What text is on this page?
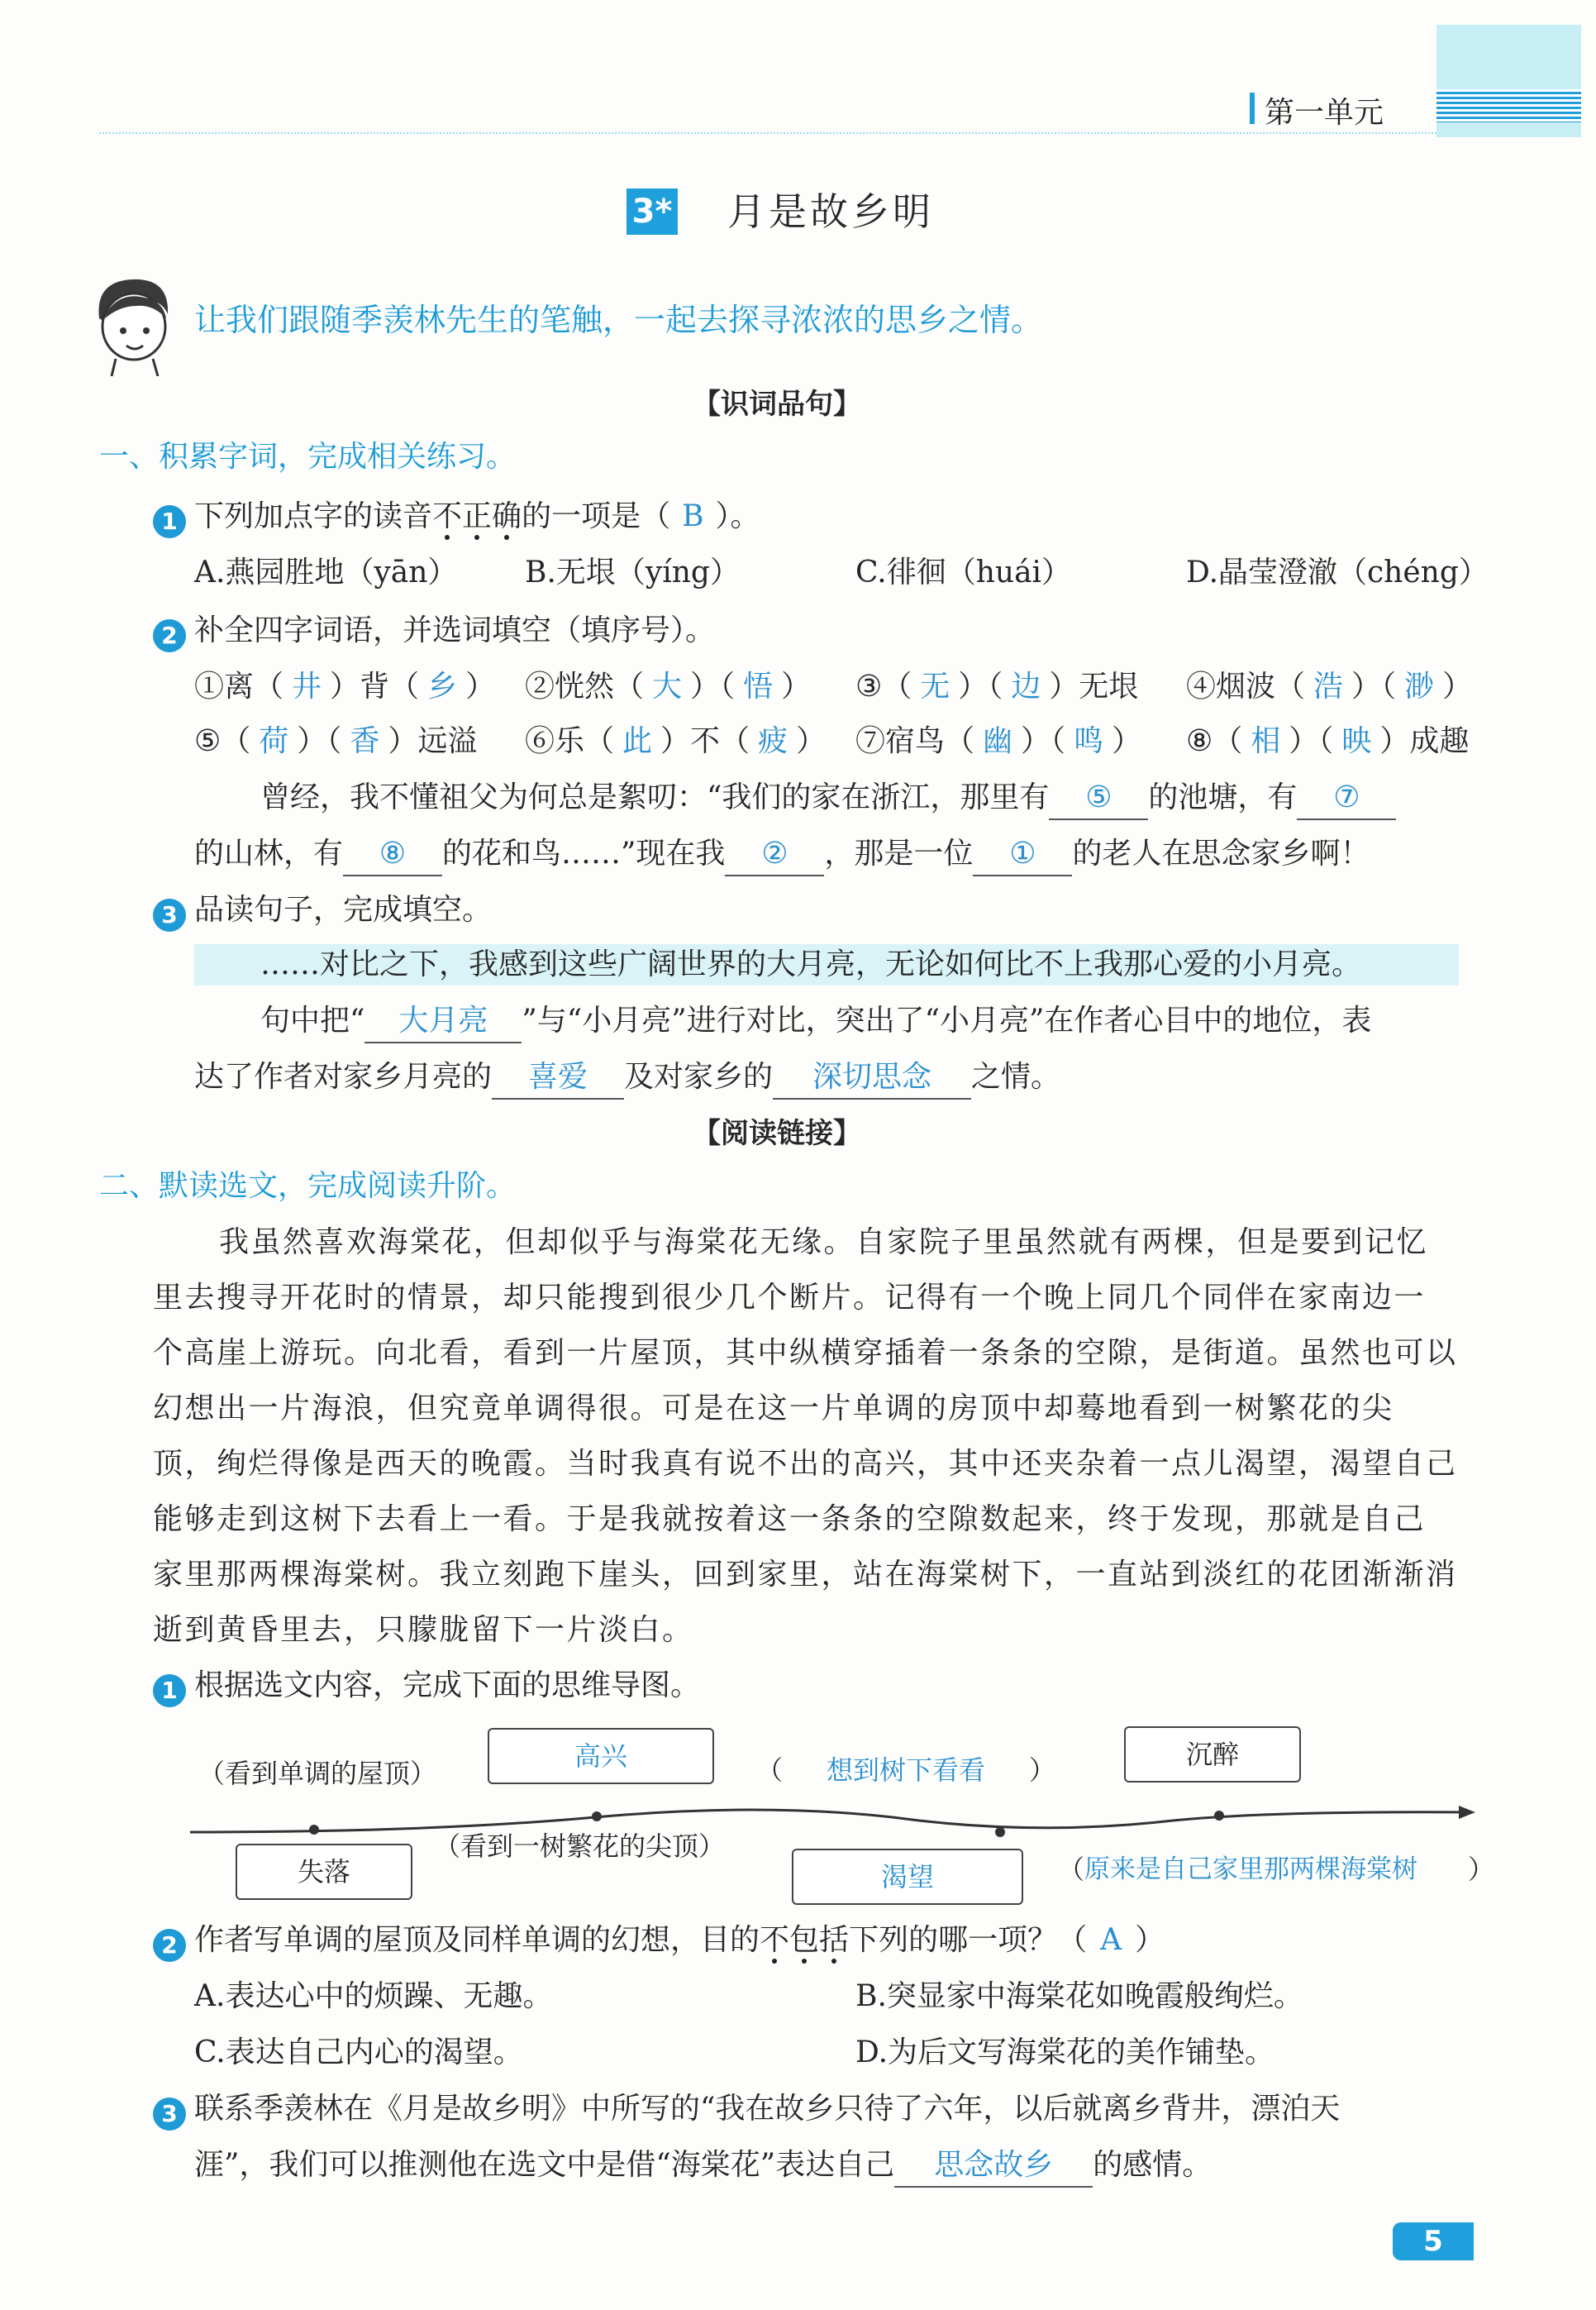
第一单元
3* 月是故乡明
让我们跟随季羡林先生的笔触，一起去探寻浓浓的思乡之情。
【识词品句】
一、积累字词，完成相关练习。
1 下列加点字的读音不正确的一项是（ B ）。
A.燕园胜地（yān） B.无垠（yíng）	C.徘徊（huái）	D.晶莹澄澈（chéng）
2 补全四字词语，并选词填空（填序号）。
①离（ 井 ）背（ 乡 ） ②恍然（ 大 ）（ 悟 ） ③（ 无 ）（ 边 ）无垠 ④烟波（ 浩 ）（ 渺 ）
⑤（ 荷 ）（ 香 ）远溢 ⑥乐（ 此 ）不（ 疲 ） ⑦宿鸟（ 幽 ）（ 鸣 ） ⑧（ 相 ）（ 映 ）成趣
曾经，我不懂祖父为何总是絮叨：“我们的家在浙江，那里有 ⑤ 的池塘，有 ⑦
的山林，有 ⑧ 的花和鸟……”现在我 ② ，那是一位 ① 的老人在思念家乡啊！
3 品读句子，完成填空。
……对比之下，我感到这些广阔世界的大月亮，无论如何比不上我那心爱的小月亮。
句中把“ 大月亮 ”与“小月亮”进行对比，突出了“小月亮”在作者心目中的地位，表
达了作者对家乡月亮的 喜爱 及对家乡的 深切思念 之情。
【阅读链接】
二、默读选文，完成阅读升阶。
我虽然喜欢海棠花，但却似乎与海棠花无缘。自家院子里虽然就有两棵，但是要到记忆
里去搜寻开花时的情景，却只能搜到很少几个断片。记得有一个晚上同几个同伴在家南边一
个高崖上游玩。向北看，看到一片屋顶，其中纵横穿插着一条条的空隙，是街道。虽然也可以
幻想出一片海浪，但究竟单调得很。可是在这一片单调的房顶中却蓦地看到一树繁花的尖
顶，绚烂得像是西天的晚霞。当时我真有说不出的高兴，其中还夹杂着一点儿渴望，渴望自己
能够走到这树下去看上一看。于是我就按着这一条条的空隙数起来，终于发现，那就是自己
家里那两棵海棠树。我立刻跑下崖头，回到家里，站在海棠树下，一直站到淡红的花团渐渐消
逝到黄昏里去，只朦胧留下一片淡白。
1 根据选文内容，完成下面的思维导图。
（看到单调的屋顶）
高兴	（ 想到树下看看 ）	沉醉
失落
（看到一树繁花的尖顶）
渴望	（ 原来是自己家里那两棵海棠树 ）
2 作者写单调的屋顶及同样单调的幻想，目的不包括下列的哪一项？（ A ）
A.表达心中的烦躁、无趣。	B.突显家中海棠花如晚霞般绚烂。
C.表达自己内心的渴望。	D.为后文写海棠花的美作铺垫。
3 联系季羡林在《月是故乡明》中所写的“我在故乡只待了六年，以后就离乡背井，漂泊天
涯”，我们可以推测他在选文中是借“海棠花”表达自己 思念故乡 的感情。
5
